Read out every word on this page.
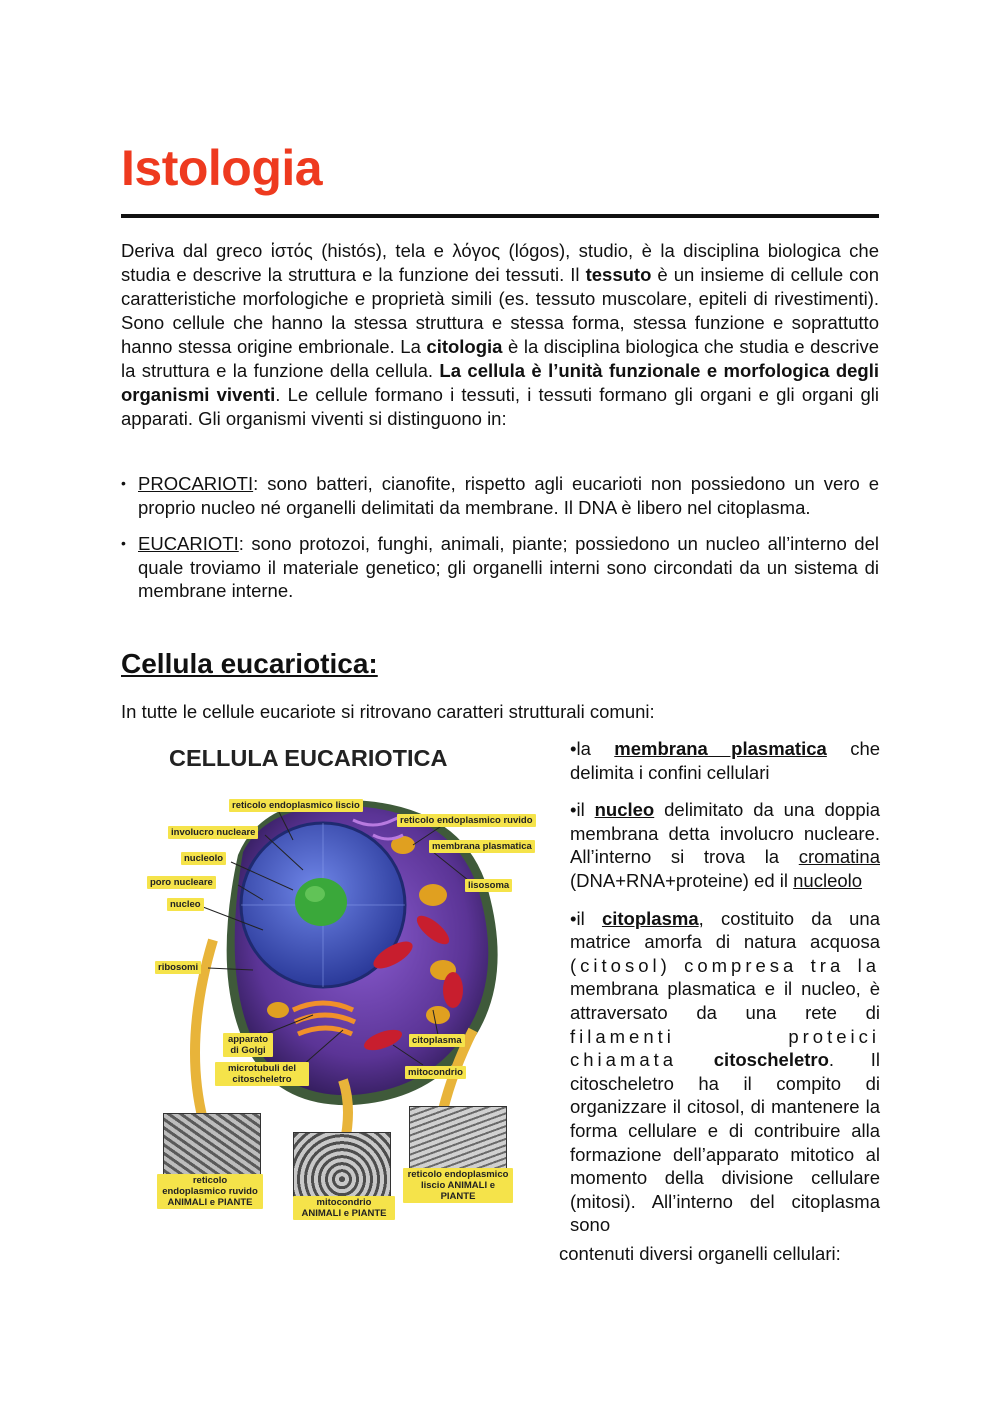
Istologia

Deriva dal greco ἱστός (histós), tela e λόγος (lógos), studio, è la disciplina biologica che studia e descrive la struttura e la funzione dei tessuti. Il tessuto è un insieme di cellule con caratteristiche morfologiche e proprietà simili (es. tessuto muscolare, epiteli di rivestimenti). Sono cellule che hanno la stessa struttura e stessa forma, stessa funzione e soprattutto hanno stessa origine embrionale. La citologia è la disciplina biologica che studia e descrive la struttura e la funzione della cellula. La cellula è l’unità funzionale e morfologica degli organismi viventi. Le cellule formano i tessuti, i tessuti formano gli organi e gli organi gli apparati. Gli organismi viventi si distinguono in:

• PROCARIOTI: sono batteri, cianofite, rispetto agli eucarioti non possiedono un vero e proprio nucleo né organelli delimitati da membrane. Il DNA è libero nel citoplasma.
• EUCARIOTI: sono protozoi, funghi, animali, piante; possiedono un nucleo all’interno del quale troviamo il materiale genetico; gli organelli interni sono circondati da un sistema di membrane interne.
Cellula eucariotica:

In tutte le cellule eucariote si ritrovano caratteri strutturali comuni:

CELLULA EUCARIOTICA

reticolo endoplasmico liscio
reticolo endoplasmico ruvido
involucro nucleare
membrana plasmatica
nucleolo
poro nucleare	lisosoma
nucleo
ribosomi
apparato di Golgi
citoplasma
microtubuli del citoscheletro
mitocondrio
reticolo endoplasmico ruvido ANIMALI e PIANTE	mitocondrio ANIMALI e PIANTE
reticolo endoplasmico liscio ANIMALI e PIANTE
•la membrana plasmatica che delimita i confini cellulari
•il nucleo delimitato da una doppia membrana detta involucro nucleare. All’interno si trova la cromatina (DNA+RNA+proteine) ed il nucleolo
•il citoplasma, costituito da una matrice amorfa di natura acquosa (citosol) compresa tra la membrana plasmatica e il nucleo, è attraversato da una rete di filamenti proteici chiamata citoscheletro. Il citoscheletro ha il compito di organizzare il citosol, di mantenere la forma cellulare e di contribuire alla formazione dell’apparato mitotico al momento della divisione cellulare (mitosi). All’interno del citoplasma sono

contenuti diversi organelli cellulari:
